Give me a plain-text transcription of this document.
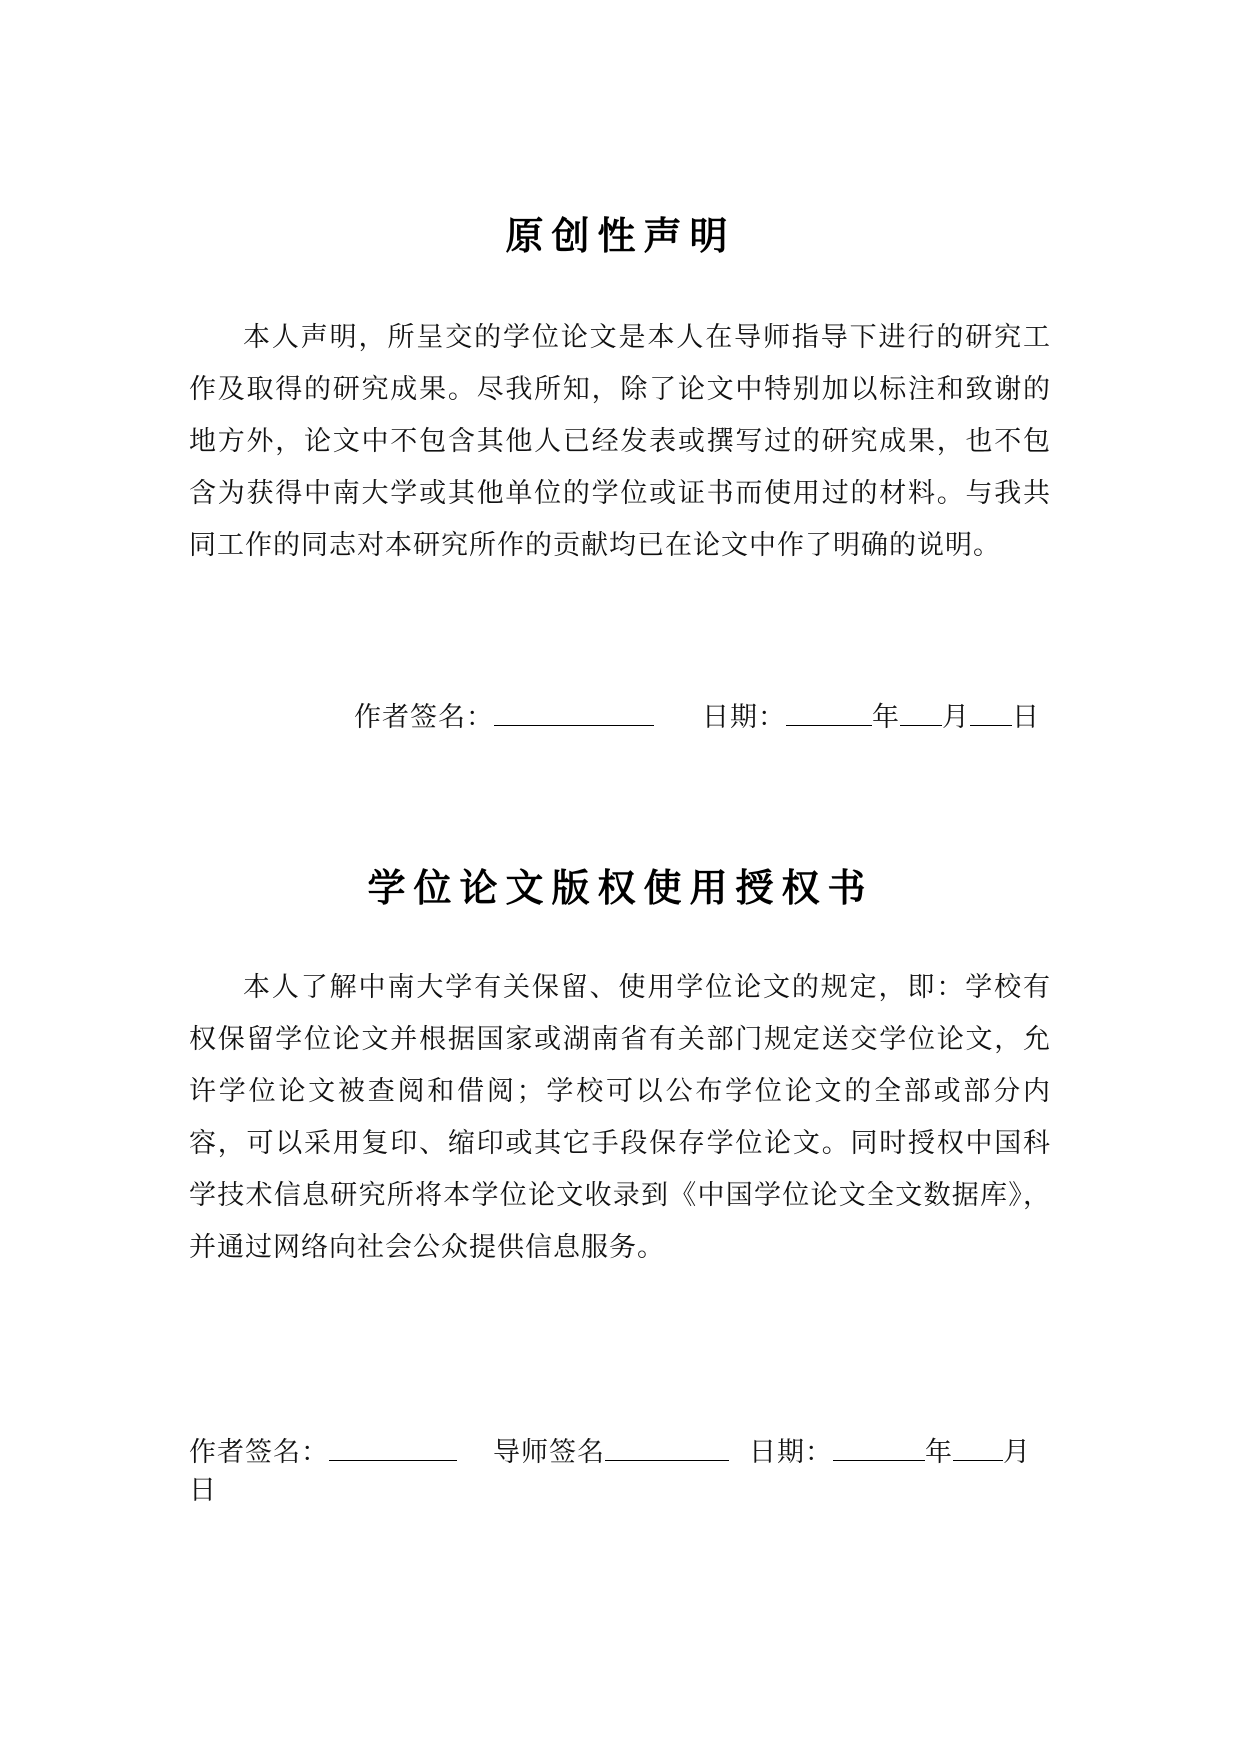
原创性声明

本人声明，所呈交的学位论文是本人在导师指导下进行的研究工作及取得的研究成果。尽我所知，除了论文中特别加以标注和致谢的地方外，论文中不包含其他人已经发表或撰写过的研究成果，也不包含为获得中南大学或其他单位的学位或证书而使用过的材料。与我共同工作的同志对本研究所作的贡献均已在论文中作了明确的说明。

作者签名：	日期：	年 月 日
学位论文版权使用授权书

本人了解中南大学有关保留、使用学位论文的规定，即：学校有权保留学位论文并根据国家或湖南省有关部门规定送交学位论文，允许学位论文被查阅和借阅；学校可以公布学位论文的全部或部分内容，可以采用复印、缩印或其它手段保存学位论文。同时授权中国科学技术信息研究所将本学位论文收录到《中国学位论文全文数据库》，并通过网络向社会公众提供信息服务。

作者签名：	导师签名	日期：	年 月
日
